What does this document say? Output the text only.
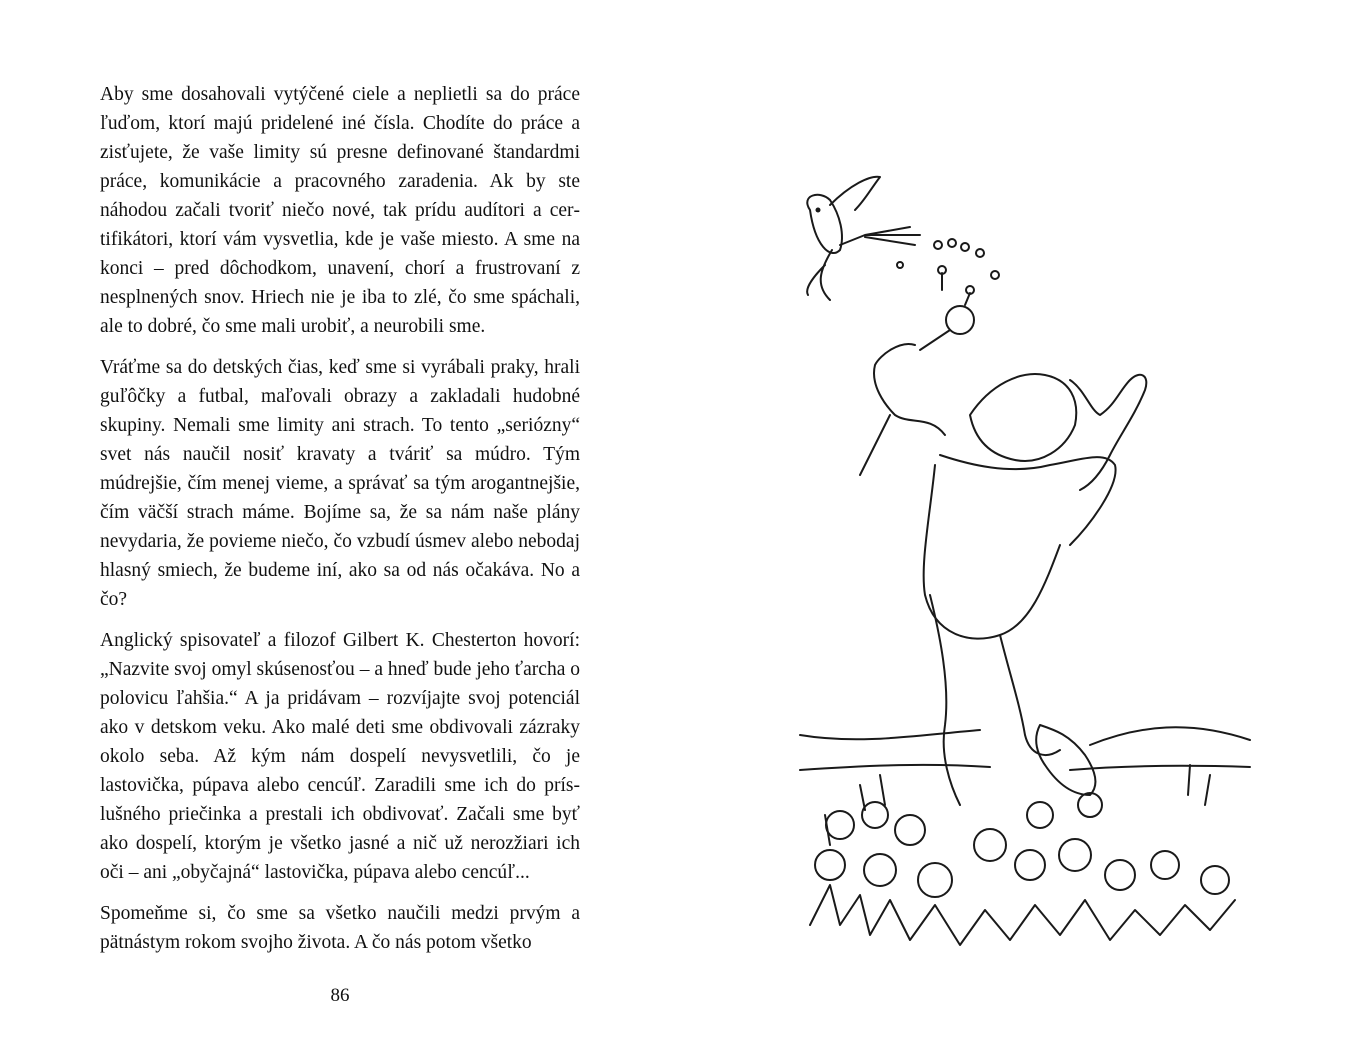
Aby sme dosahovali vytýčené ciele a neplietli sa do práce ľuďom, ktorí majú pridelené iné čísla. Chodíte do práce a zisťujete, že vaše limity sú presne definované štandardmi práce, komunikácie a pracovného zaradenia. Ak by ste náhodou začali tvoriť niečo nové, tak prídu audítori a certifikátori, ktorí vám vysvetlia, kde je vaše miesto. A sme na konci – pred dôchodkom, unavení, chorí a frustrovaní z nesplnených snov. Hriech nie je iba to zlé, čo sme spáchali, ale to dobré, čo sme mali urobiť, a neurobili sme.

Vráťme sa do detských čias, keď sme si vyrábali praky, hrali guľôčky a futbal, maľovali obrazy a zakladali hudobné skupiny. Nemali sme limity ani strach. To tento „seriózny“ svet nás naučil nosiť kravaty a tváriť sa múdro. Tým múdrejšie, čím menej vieme, a správať sa tým arogantnejšie, čím väčší strach máme. Bojíme sa, že sa nám naše plány nevydaria, že povieme niečo, čo vzbudí úsmev alebo nebodaj hlasný smiech, že budeme iní, ako sa od nás očakáva. No a čo?

Anglický spisovateľ a filozof Gilbert K. Chesterton hovorí: „Nazvite svoj omyl skúsenosťou – a hneď bude jeho ťarcha o polovicu ľahšia.“ A ja pridávam – rozvíjajte svoj potenciál ako v detskom veku. Ako malé deti sme obdivovali zázraky okolo seba. Až kým nám dospelí nevysvetlili, čo je lastovička, púpava alebo cencúľ. Zaradili sme ich do príslušného priečinka a prestali ich obdivovať. Začali sme byť ako dospelí, ktorým je všetko jasné a nič už nerozžiari ich oči – ani „obyčajná“ lastovička, púpava alebo cencúľ...

Spomeňme si, čo sme sa všetko naučili medzi prvým a pätnástym rokom svojho života. A čo nás potom všetko

86
